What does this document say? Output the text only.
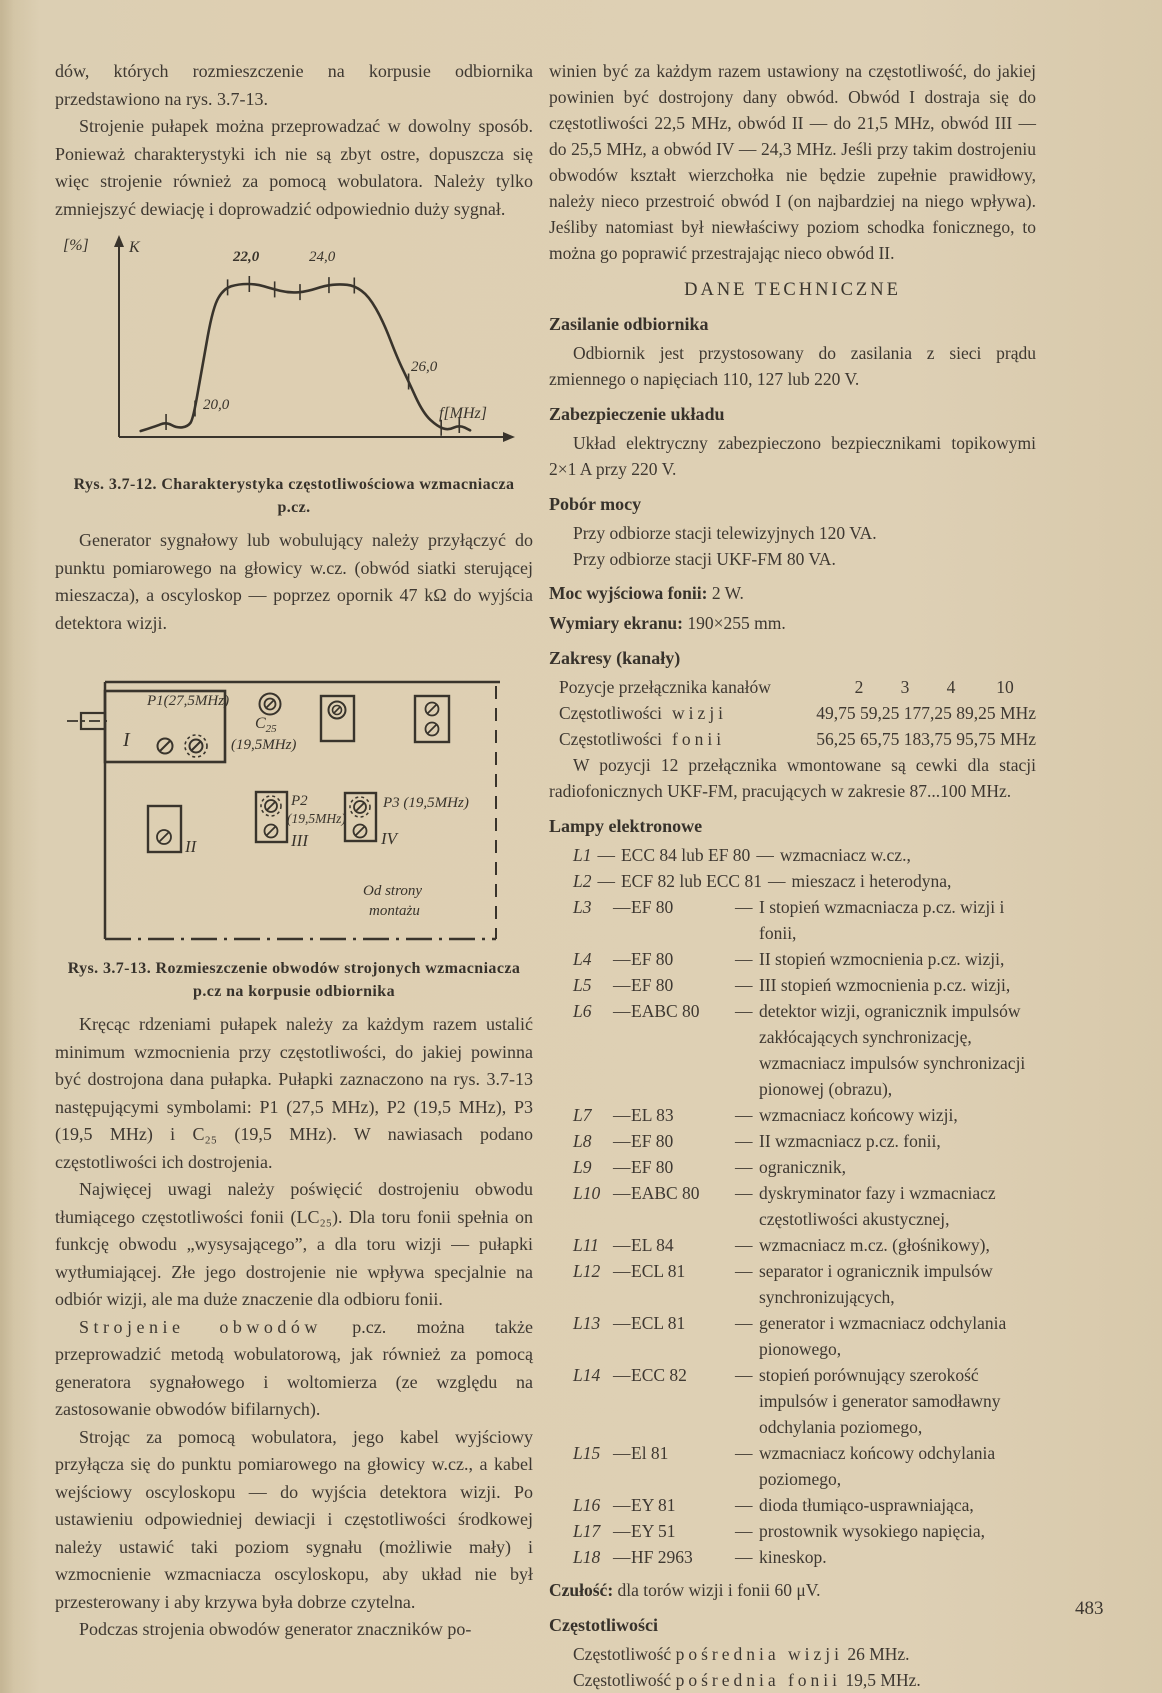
dów, których rozmieszczenie na korpusie odbiornika przedstawiono na rys. 3.7-13.

Strojenie pułapek można przeprowadzać w dowolny sposób. Ponieważ charakterystyki ich nie są zbyt ostre, dopuszcza się więc strojenie również za pomocą wobulatora. Należy tylko zmniejszyć dewiację i doprowadzić odpowiednio duży sygnał.

[%]	K
f[MHz]
20,0
22,0	24,0
26,0

Rys. 3.7-12. Charakterystyka częstotliwościowa wzmacniacza p.cz.

Generator sygnałowy lub wobulujący należy przyłączyć do punktu pomiarowego na głowicy w.cz. (obwód siatki sterującej mieszacza), a oscyloskop — poprzez opornik 47 kΩ do wyjścia detektora wizji.

P1(27,5MHz)
I
$C_{25}$
(19,5MHz)
P2
(19,5MHz)
III
P3 (19,5MHz)
IV
II
Od strony
montażu

Rys. 3.7-13. Rozmieszczenie obwodów strojonych wzmacniacza

p.cz na korpusie odbiornika

Kręcąc rdzeniami pułapek należy za każdym razem ustalić minimum wzmocnienia przy częstotliwości, do jakiej powinna być dostrojona dana pułapka. Pułapki zaznaczono na rys. 3.7-13 następującymi symbolami: P1 (27,5 MHz), P2 (19,5 MHz), P3 (19,5 MHz) i C₂₅ (19,5 MHz). W nawiasach podano częstotliwości ich dostrojenia.

Najwięcej uwagi należy poświęcić dostrojeniu obwodu tłumiącego częstotliwości fonii (LC₂₅). Dla toru fonii spełnia on funkcję obwodu „wysysającego”, a dla toru wizji — pułapki wytłumiającej. Złe jego dostrojenie nie wpływa specjalnie na odbiór wizji, ale ma duże znaczenie dla odbioru fonii.

Strojenie obwodów p.cz. można także przeprowadzić metodą wobulatorową, jak również za pomocą generatora sygnałowego i woltomierza (ze względu na zastosowanie obwodów bifilarnych).

Strojąc za pomocą wobulatora, jego kabel wyjściowy przyłącza się do punktu pomiarowego na głowicy w.cz., a kabel wejściowy oscyloskopu — do wyjścia detektora wizji. Po ustawieniu odpowiedniej dewiacji i częstotliwości środkowej należy ustawić taki poziom sygnału (możliwie mały) i wzmocnienie wzmacniacza oscyloskopu, aby układ nie był przesterowany i aby krzywa była dobrze czytelna.

Podczas strojenia obwodów generator znaczników po-

winien być za każdym razem ustawiony na częstotliwość, do jakiej powinien być dostrojony dany obwód. Obwód I dostraja się do częstotliwości 22,5 MHz, obwód II — do 21,5 MHz, obwód III — do 25,5 MHz, a obwód IV — 24,3 MHz. Jeśli przy takim dostrojeniu obwodów kształt wierzchołka nie będzie zupełnie prawidłowy, należy nieco przestroić obwód I (on najbardziej na niego wpływa). Jeśliby natomiast był niewłaściwy poziom schodka fonicznego, to można go poprawić przestrajając nieco obwód II.

DANE TECHNICZNE

Zasilanie odbiornika

Odbiornik jest przystosowany do zasilania z sieci prądu zmiennego o napięciach 110, 127 lub 220 V.

Zabezpieczenie układu

Układ elektryczny zabezpieczono bezpiecznikami topikowymi 2×1 A przy 220 V.

Pobór mocy

Przy odbiorze stacji telewizyjnych 120 VA.

Przy odbiorze stacji UKF-FM 80 VA.

Moc wyjściowa fonii: 2 W.

Wymiary ekranu: 190×255 mm.

Zakresy (kanały)

Pozycje przełącznika kanałów	2	3	4	10
Częstotliwości wizji	49,75 59,25 177,25 89,25 MHz
Częstotliwości fonii	56,25 65,75 183,75 95,75 MHz

W pozycji 12 przełącznika wmontowane są cewki dla stacji radiofonicznych UKF-FM, pracujących w zakresie 87...100 MHz.

Lampy elektronowe

L1 — ECC 84 lub EF 80 — wzmacniacz w.cz.,
L2 — ECF 82 lub ECC 81 — mieszacz i heterodyna,
L3	— EF 80	— I stopień wzmacniacza p.cz. wizji i fonii,
L4	— EF 80	— II stopień wzmocnienia p.cz. wizji,
L5	— EF 80	— III stopień wzmocnienia p.cz. wizji,
L6	— EABC 80	— detektor wizji, ogranicznik impulsów zakłócających synchronizację, wzmacniacz impulsów synchronizacji pionowej (obrazu),
L7	— EL 83	— wzmacniacz końcowy wizji,
L8	— EF 80	— II wzmacniacz p.cz. fonii,
L9	— EF 80	— ogranicznik,
L10 — EABC 80	— dyskryminator fazy i wzmacniacz częstotliwości akustycznej,
L11 — EL 84	— wzmacniacz m.cz. (głośnikowy),
L12 — ECL 81	— separator i ogranicznik impulsów synchronizujących,
L13 — ECL 81	— generator i wzmacniacz odchylania pionowego,
L14 — ECC 82	— stopień porównujący szerokość impulsów i generator samodławny odchylania poziomego,
L15 — El 81	— wzmacniacz końcowy odchylania poziomego,
L16 — EY 81	— dioda tłumiąco-usprawniająca,
L17 — EY 51	— prostownik wysokiego napięcia,
L18 — HF 2963	— kineskop.

Czułość: dla torów wizji i fonii 60 μV.

Częstotliwości

Częstotliwość pośrednia wizji 26 MHz.

Częstotliwość pośrednia fonii 19,5 MHz.

483
